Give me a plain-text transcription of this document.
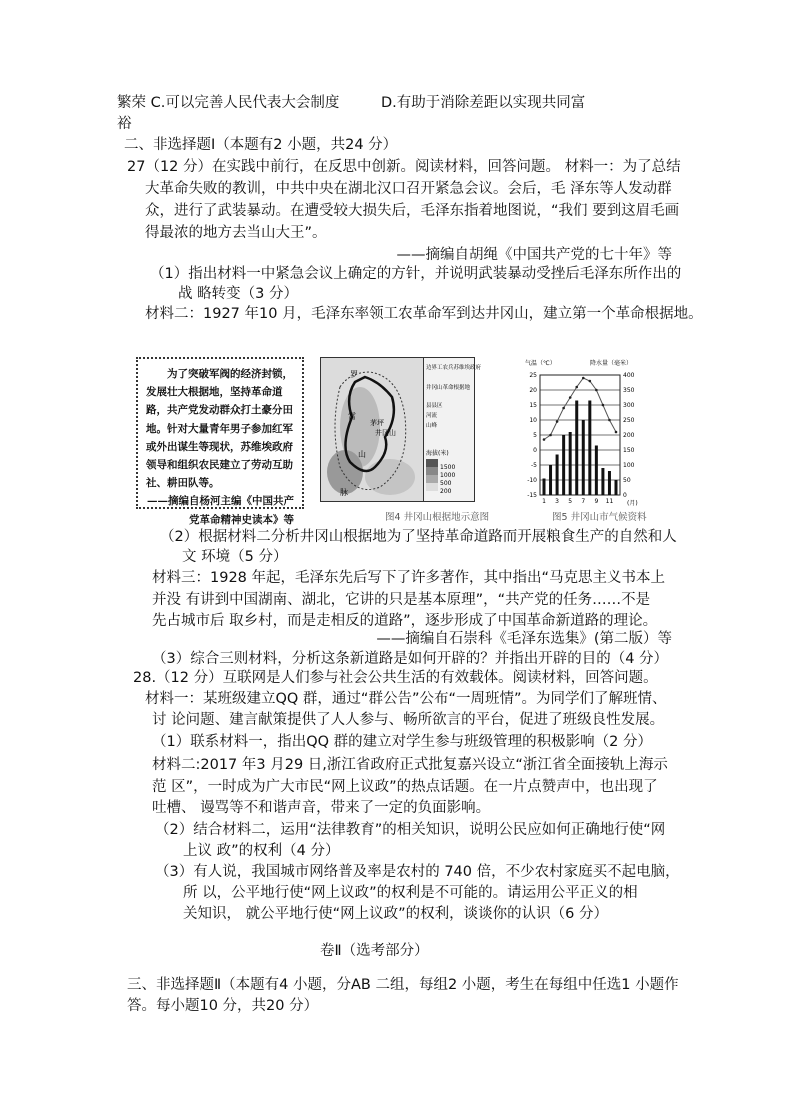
繁荣 C.可以完善人民代表大会制度	D.有助于消除差距以实现共同富
裕
二、非选择题Ⅰ（本题有2 小题，共24 分）
27（12 分）在实践中前行，在反思中创新。阅读材料，回答问题。 材料一：为了总结
大革命失败的教训，中共中央在湖北汉口召开紧急会议。会后，毛 泽东等人发动群
众，进行了武装暴动。在遭受较大损失后，毛泽东指着地图说，“我们 要到这眉毛画
得最浓的地方去当山大王”。
——摘编自胡绳《中国共产党的七十年》等
（1）指出材料一中紧急会议上确定的方针，并说明武装暴动受挫后毛泽东所作出的
战 略转变（3 分）
材料二：1927 年10 月，毛泽东率领工农革命军到达井冈山，建立第一个革命根据地。

为了突破军阀的经济封锁，发展壮大根据地，坚持革命道路，共产党发动群众打土豪分田地。针对大量青年男子参加红军或外出谋生等现状，苏维埃政府领导和组织农民建立了劳动互助社、耕田队等。

——摘编自杨河主编《中国共产党革命精神史读本》等

罗
霄
山
脉
茅坪
井冈山
边界工农兵苏维埃政府
井冈山革命根据地
县县区
河流
山峰
海拔(米)
1500
1000
500
200
图4 井冈山根据地示意图
气温（℃）	降水量（毫米）
25	400
20	350
15	300
10	250
5	200
0	150
-5	100
-10	50
-15	0
1 3 5 7 9 11 (月)
图5 井冈山市气候资料
（2）根据材料二分析井冈山根据地为了坚持革命道路而开展粮食生产的自然和人
文 环境（5 分）
材料三：1928 年起，毛泽东先后写下了许多著作，其中指出“马克思主义书本上
并没 有讲到中国湖南、湖北，它讲的只是基本原理”，“共产党的任务……不是
先占城市后 取乡村，而是走相反的道路”，逐步形成了中国革命新道路的理论。
——摘编自石崇科《毛泽东选集》(第二版）等
（3）综合三则材料，分析这条新道路是如何开辟的？并指出开辟的目的（4 分）
28.（12 分）互联网是人们参与社会公共生活的有效载体。阅读材料，回答问题。
材料一：某班级建立QQ 群，通过“群公告”公布“一周班情”。为同学们了解班情、
讨 论问题、建言献策提供了人人参与、畅所欲言的平台，促进了班级良性发展。
（1）联系材料一，指出QQ 群的建立对学生参与班级管理的积极影响（2 分）
材料二:2017 年3 月29 日,浙江省政府正式批复嘉兴设立“浙江省全面接轨上海示
范 区”，一时成为广大市民“网上议政”的热点话题。在一片点赞声中，也出现了
吐槽、 谩骂等不和谐声音，带来了一定的负面影响。
（2）结合材料二，运用“法律教育”的相关知识，说明公民应如何正确地行使“网
上议 政”的权利（4 分）
（3）有人说，我国城市网络普及率是农村的 740 倍，不少农村家庭买不起电脑，
所 以，公平地行使“网上议政”的权利是不可能的。请运用公平正义的相
关知识， 就公平地行使“网上议政”的权利，谈谈你的认识（6 分）
卷Ⅱ（选考部分）
三、非选择题Ⅱ（本题有4 小题，分AB 二组，每组2 小题，考生在每组中任选1 小题作
答。每小题10 分，共20 分）
